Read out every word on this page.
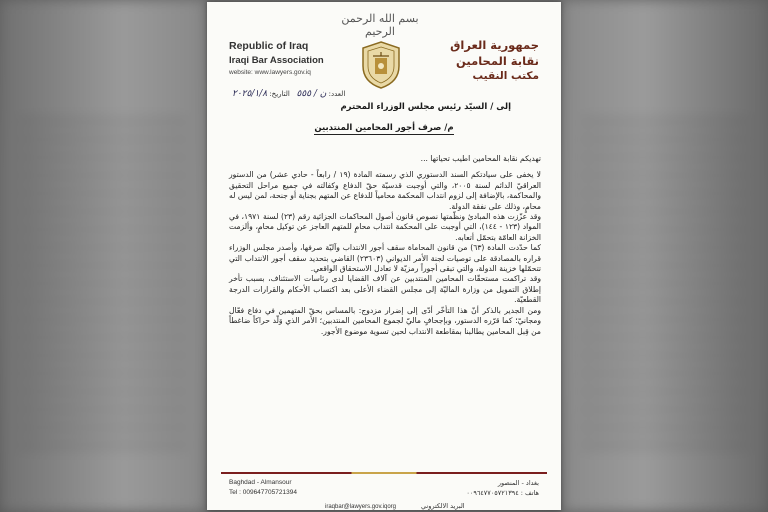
بسم الله الرحمن الرحيم
Republic of Iraq
Iraqi Bar Association
website: www.lawyers.gov.iq
جمهورية العراق
نقابة المحامين
مكتب النقيب
العدد: ن / ٥٥٥   التاريخ: ٢٠٢٥/١/٨
إلى / السيّد رئيس مجلس الوزراء المحترم
م/ صرف أجور المحامين المنتدبين

تهديكم نقابة المحامين اطيب تحياتها ...

لا يخفى على سيادتكم السند الدستوري الذي رسمته المادة (١٩ / رابعاً - حادي عشر) من الدستور العراقيّ الدائم لسنة ٢٠٠٥، والتي أوجبت قدسيّة حقّ الدفاع وكفالته في جميع مراحل التحقيق والمحاكمة، بالإضافة إلى لزوم انتداب المحكمة محامياً للدفاع عن المتهم بجناية أو جنحة، لمن ليس له محامٍ، وذلك على نفقة الدولة.

وقد عزّزت هذه المبادئ ونظّمتها نصوص قانون أصول المحاكمات الجزائية رقم (٢٣) لسنة ١٩٧١، في المواد (١٢٣ - ١٤٤)، التي أوجبت على المحكمة انتداب محامٍ للمتهم العاجز عن توكيل محامٍ، وألزمت الخزانة العامّة بتحمّل أتعابه.

كما حدّدت المادة (٦٣) من قانون المحاماة سقف أجور الانتداب وآليّة صرفها، وأصدر مجلس الوزراء قراره بالمصادقة على توصيات لجنة الأمر الديواني (٢٣٦٠٣) القاضي بتحديد سقف أجور الانتداب التي تتحمّلها خزينة الدولة، والتي تبقى أجوراً رمزيّة لا تعادل الاستحقاق الواقعي.

وقد تراكمت مستحقّات المحامين المنتدبين عن آلاف القضايا لدى رئاسات الاستئناف، بسبب تأخر إطلاق التمويل من وزارة الماليّة إلى مجلس القضاء الأعلى بعد اكتساب الأحكام والقرارات الدرجة القطعيّة.

ومن الجدير بالذكر أنّ هذا التأخّر أدّى إلى إضرار مزدوج: بالمساس بحقّ المتهمين في دفاع فعّال ومجانيّ؛ كما قرّره الدستور، وبإجحافٍ ماليّ لجموع المحامين المنتدبين؛ الأمر الذي وَلّد حراكاً ضاغطاً من قِبل المحامين يطالبنا بمقاطعة الانتداب لحين تسوية موضوع الأجور.

Baghdad - Almansour
Tel : 009647705721394
بغداد - المنصور
هاتف : ٠٠٩٦٤٧٧٠٥٧٢١٣٩٤
iraqbar@lawyers.gov.iqorg	البريد الالكتروني
